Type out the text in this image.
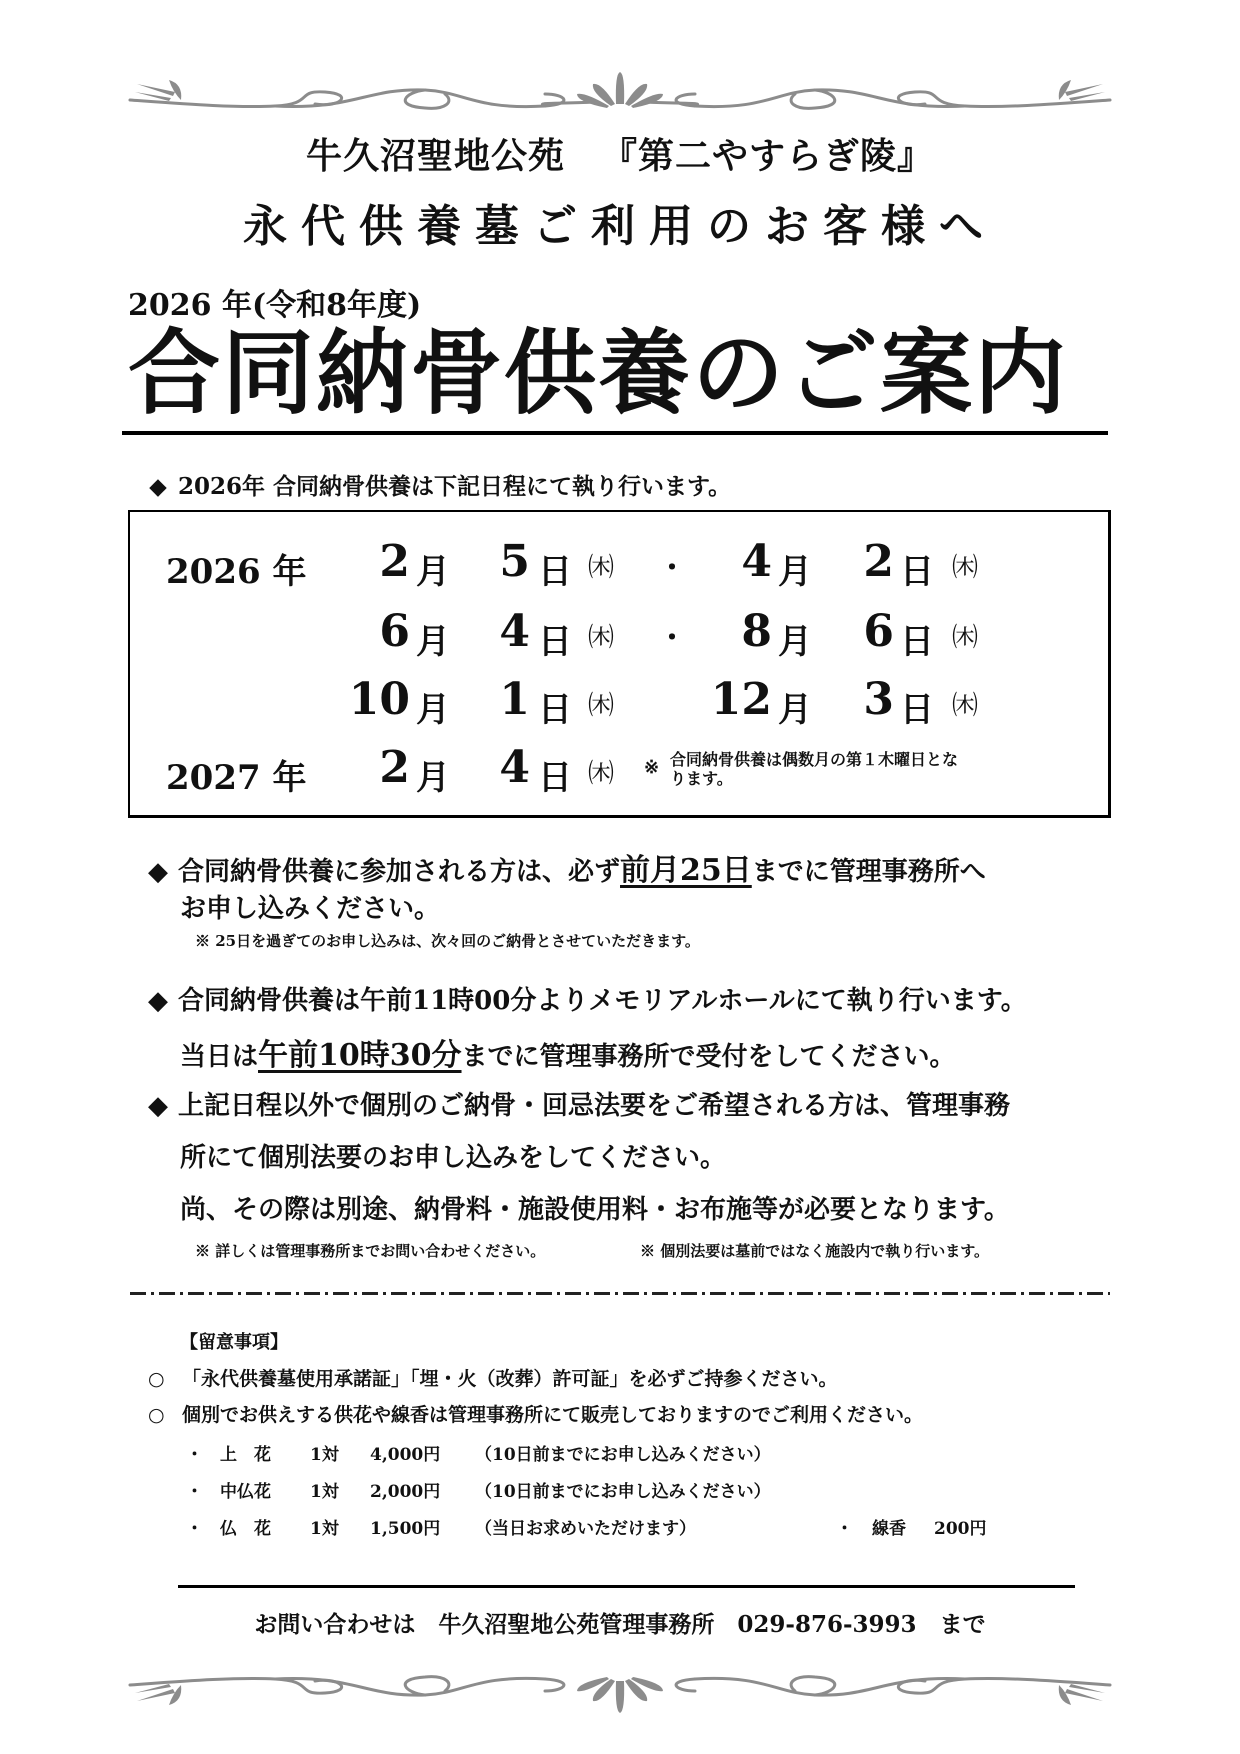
牛久沼聖地公苑 『第二やすらぎ陵』
永代供養墓ご利用のお客様へ
2026 年(令和8年度)
合同納骨供養のご案内
◆ 2026年 合同納骨供養は下記日程にて執り行います。
2026 年	2 月	5 日 ㈭ ・	4 月	2 日 ㈭
6 月	4 日 ㈭ ・	8 月	6 日 ㈭
10 月	1 日 ㈭	12 月	3 日 ㈭
2027 年	2 月	4 日 ㈭ ※ 合同納骨供養は偶数月の第１木曜日となります。
◆ 合同納骨供養に参加される方は、必ず前月25日までに管理事務所へ
お申し込みください。
※ 25日を過ぎてのお申し込みは、次々回のご納骨とさせていただきます。
◆ 合同納骨供養は午前11時00分よりメモリアルホールにて執り行います。
当日は午前10時30分までに管理事務所で受付をしてください。
◆ 上記日程以外で個別のご納骨・回忌法要をご希望される方は、管理事務
所にて個別法要のお申し込みをしてください。
尚、その際は別途、納骨料・施設使用料・お布施等が必要となります。
※ 詳しくは管理事務所までお問い合わせください。	※ 個別法要は墓前ではなく施設内で執り行います。
【留意事項】
○ 「永代供養墓使用承諾証」「埋・火（改葬）許可証」を必ずご持参ください。
○ 個別でお供えする供花や線香は管理事務所にて販売しておりますのでご利用ください。
・ 上　花 1対 4,000円 （10日前までにお申し込みください）
・ 中仏花 1対 2,000円 （10日前までにお申し込みください）
・ 仏　花 1対 1,500円 （当日お求めいただけます）	・ 線香 200円
お問い合わせは　 牛久沼聖地公苑管理事務所　 029-876-3993　 まで
